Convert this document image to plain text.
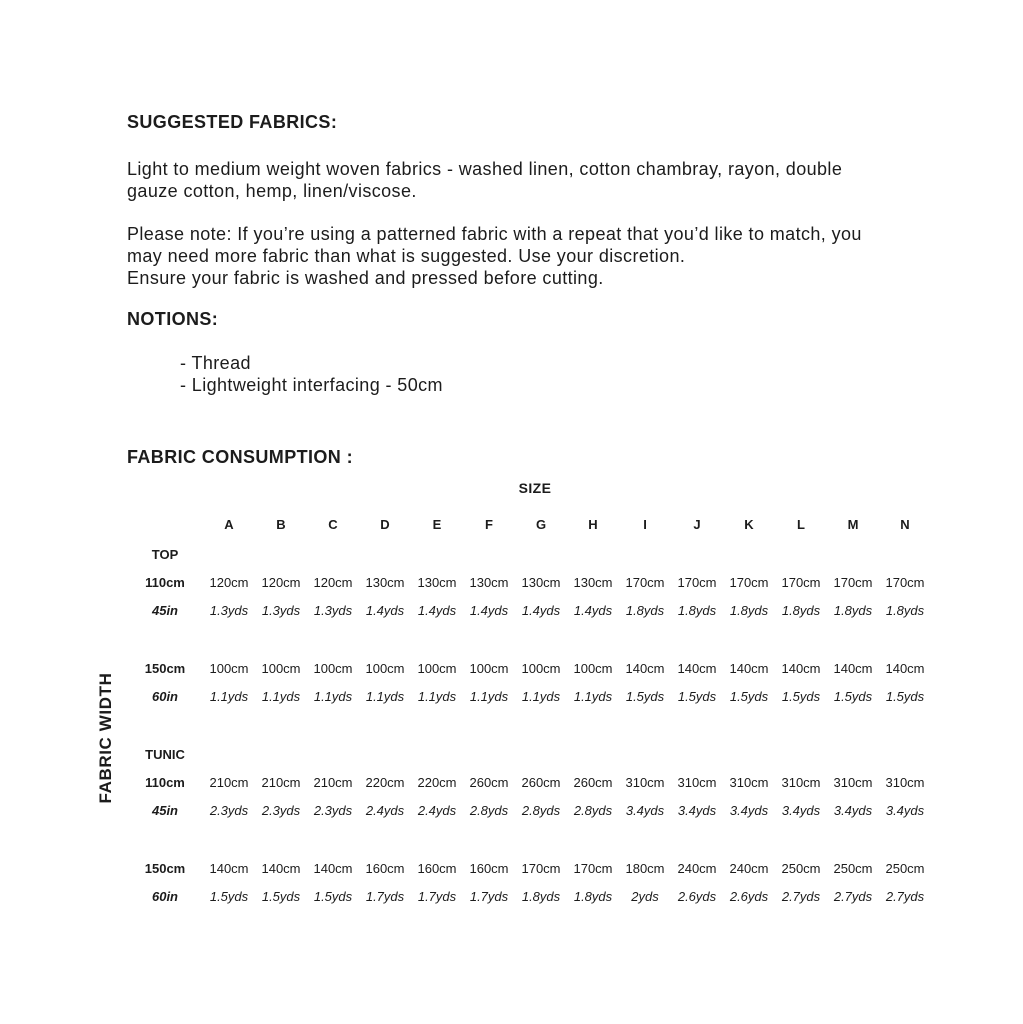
SUGGESTED FABRICS:
Light to medium weight woven fabrics - washed linen, cotton chambray, rayon, double
gauze cotton, hemp, linen/viscose.
Please note: If you’re using a patterned fabric with a repeat that you’d like to match, you
may need more fabric than what is suggested. Use your discretion.
Ensure your fabric is washed and pressed before cutting.
NOTIONS:
- Thread
- Lightweight interfacing - 50cm
FABRIC CONSUMPTION :
SIZE
FABRIC WIDTH
A	B	C	D	E	F	G	H	I	J	K	L	M	N
TOP
110cm	120cm 120cm 120cm 130cm 130cm 130cm 130cm 130cm 170cm 170cm 170cm 170cm 170cm 170cm
45in	1.3yds	1.3yds	1.3yds	1.4yds	1.4yds	1.4yds	1.4yds	1.4yds	1.8yds	1.8yds	1.8yds	1.8yds	1.8yds	1.8yds
150cm	100cm 100cm 100cm 100cm 100cm 100cm 100cm 100cm 140cm 140cm 140cm 140cm 140cm 140cm
60in	1.1yds	1.1yds	1.1yds	1.1yds	1.1yds	1.1yds	1.1yds	1.1yds	1.5yds	1.5yds	1.5yds	1.5yds	1.5yds	1.5yds
TUNIC
110cm	210cm 210cm 210cm 220cm 220cm 260cm 260cm 260cm 310cm 310cm 310cm 310cm 310cm 310cm
45in	2.3yds	2.3yds	2.3yds	2.4yds	2.4yds	2.8yds	2.8yds	2.8yds	3.4yds	3.4yds	3.4yds	3.4yds	3.4yds	3.4yds
150cm	140cm 140cm 140cm 160cm 160cm 160cm 170cm 170cm 180cm 240cm 240cm 250cm 250cm 250cm
60in	1.5yds	1.5yds	1.5yds	1.7yds	1.7yds	1.7yds	1.8yds	1.8yds	2yds	2.6yds	2.6yds	2.7yds	2.7yds	2.7yds
